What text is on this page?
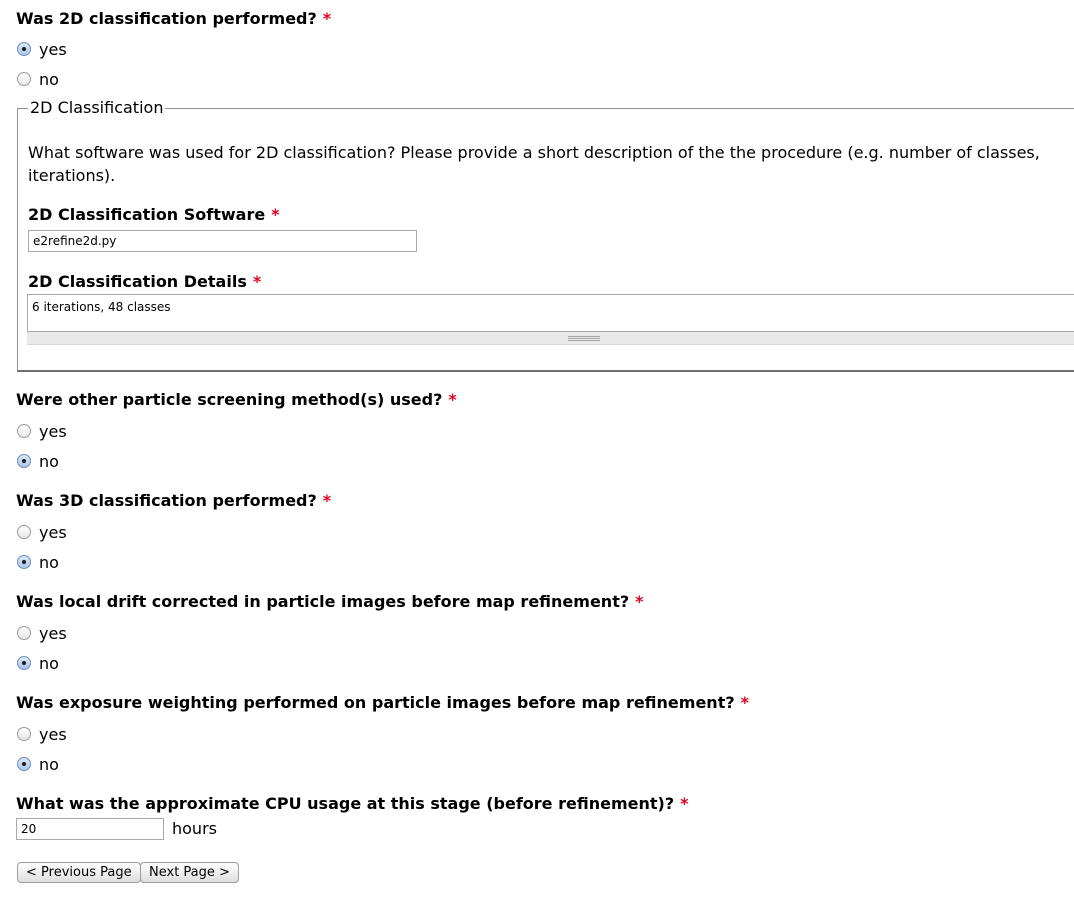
Was 2D classification performed? *
yes
no
2D Classification
What software was used for 2D classification? Please provide a short description of the the procedure (e.g. number of classes, iterations).
2D Classification Software *
e2refine2d.py
2D Classification Details *
6 iterations, 48 classes
Were other particle screening method(s) used? *
yes
no
Was 3D classification performed? *
yes
no
Was local drift corrected in particle images before map refinement? *
yes
no
Was exposure weighting performed on particle images before map refinement? *
yes
no
What was the approximate CPU usage at this stage (before refinement)? *
20	hours
< Previous Page	Next Page >
